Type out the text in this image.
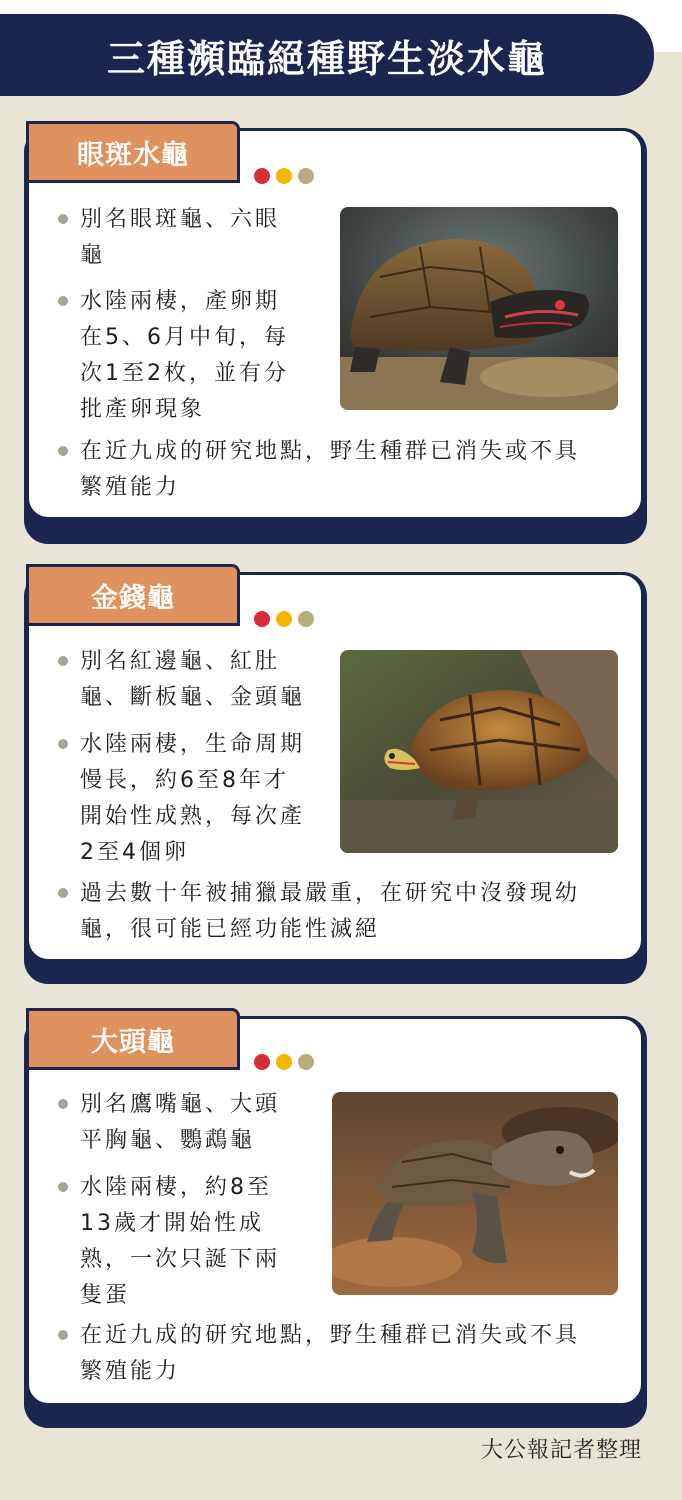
三種瀕臨絕種野生淡水龜
眼斑水龜
別名眼斑龜、六眼
龜
水陸兩棲，產卵期
在5、6月中旬，每
次1至2枚，並有分
批產卵現象
在近九成的研究地點，野生種群已消失或不具
繁殖能力
金錢龜
別名紅邊龜、紅肚
龜、斷板龜、金頭龜
水陸兩棲，生命周期
慢長，約6至8年才
開始性成熟，每次產
2至4個卵
過去數十年被捕獵最嚴重，在研究中沒發現幼
龜，很可能已經功能性滅絕
大頭龜
別名鷹嘴龜、大頭
平胸龜、鸚鵡龜
水陸兩棲，約8至
13歲才開始性成
熟，一次只誕下兩
隻蛋
在近九成的研究地點，野生種群已消失或不具
繁殖能力
大公報記者整理
